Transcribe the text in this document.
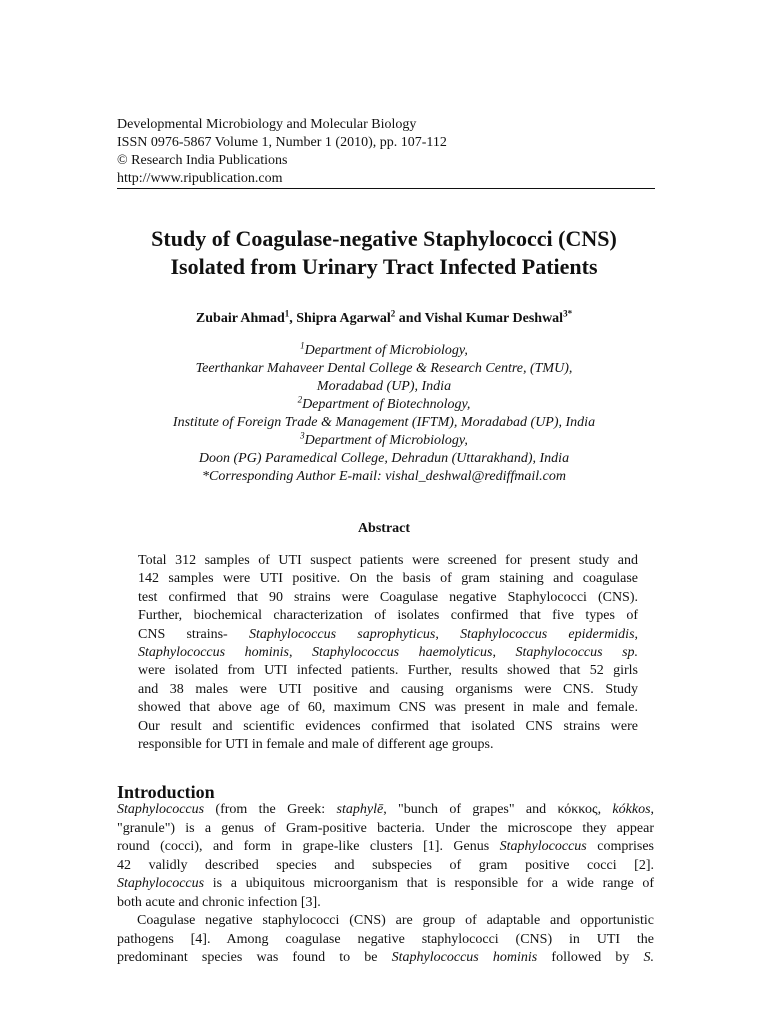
Developmental Microbiology and Molecular Biology
ISSN 0976-5867 Volume 1, Number 1 (2010), pp. 107-112
© Research India Publications
http://www.ripublication.com
Study of Coagulase-negative Staphylococci (CNS)
Isolated from Urinary Tract Infected Patients
Zubair Ahmad$^1$, Shipra Agarwal$^2$ and Vishal Kumar Deshwal$^{3*}$
$^1$Department of Microbiology,
Teerthankar Mahaveer Dental College & Research Centre, (TMU),
Moradabad (UP), India
$^2$Department of Biotechnology,
Institute of Foreign Trade & Management (IFTM), Moradabad (UP), India
$^3$Department of Microbiology,
Doon (PG) Paramedical College, Dehradun (Uttarakhand), India
*Corresponding Author E-mail: vishal_deshwal@rediffmail.com
Abstract
Total 312 samples of UTI suspect patients were screened for present study and
142 samples were UTI positive. On the basis of gram staining and coagulase
test confirmed that 90 strains were Coagulase negative Staphylococci (CNS).
Further, biochemical characterization of isolates confirmed that five types of
CNS strains- Staphylococcus saprophyticus, Staphylococcus epidermidis,
Staphylococcus hominis, Staphylococcus haemolyticus, Staphylococcus sp.
were isolated from UTI infected patients. Further, results showed that 52 girls
and 38 males were UTI positive and causing organisms were CNS. Study
showed that above age of 60, maximum CNS was present in male and female.
Our result and scientific evidences confirmed that isolated CNS strains were
responsible for UTI in female and male of different age groups.
Introduction
Staphylococcus (from the Greek: staphylē, "bunch of grapes" and κόκκος, kókkos,
"granule") is a genus of Gram-positive bacteria. Under the microscope they appear
round (cocci), and form in grape-like clusters [1]. Genus Staphylococcus comprises
42 validly described species and subspecies of gram positive cocci [2].
Staphylococcus is a ubiquitous microorganism that is responsible for a wide range of
both acute and chronic infection [3].
Coagulase negative staphylococci (CNS) are group of adaptable and opportunistic
pathogens [4]. Among coagulase negative staphylococci (CNS) in UTI the
predominant species was found to be Staphylococcus hominis followed by S.
